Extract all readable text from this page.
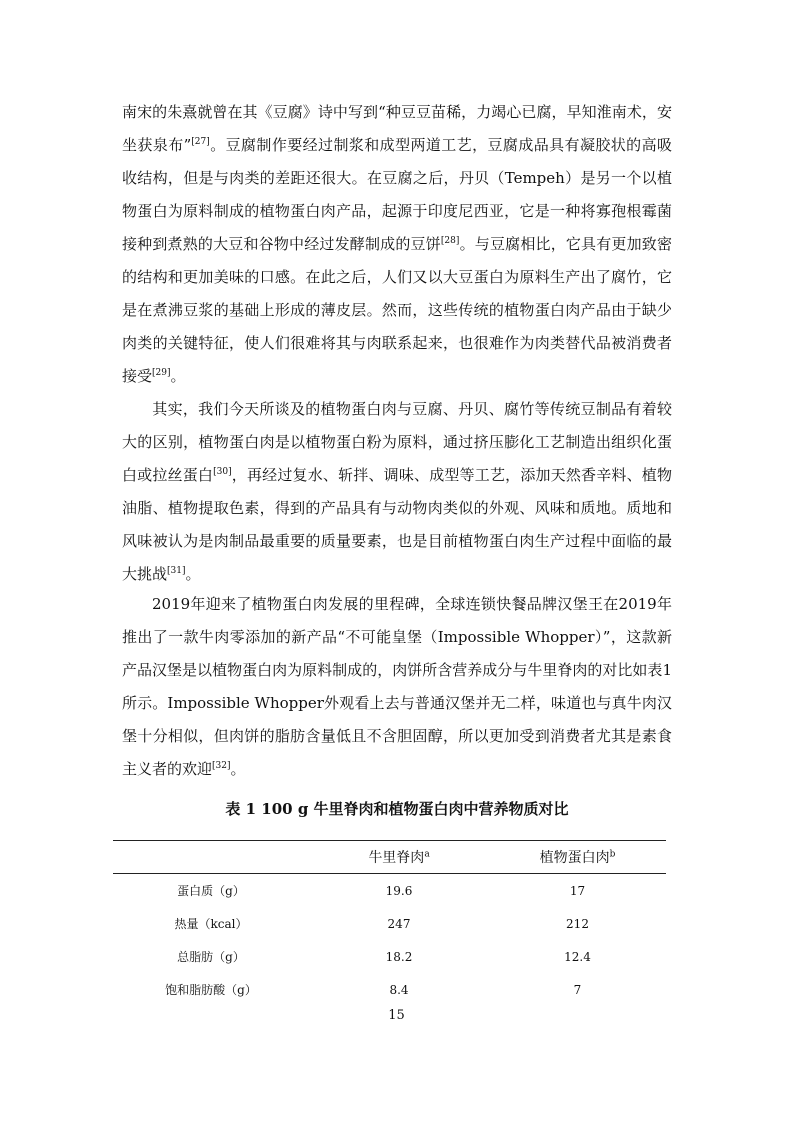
南宋的朱熹就曾在其《豆腐》诗中写到“种豆豆苗稀，力竭心已腐，早知淮南术，安坐获泉布”[27]。豆腐制作要经过制浆和成型两道工艺，豆腐成品具有凝胶状的高吸收结构，但是与肉类的差距还很大。在豆腐之后，丹贝（Tempeh）是另一个以植物蛋白为原料制成的植物蛋白肉产品，起源于印度尼西亚，它是一种将寡孢根霉菌接种到煮熟的大豆和谷物中经过发酵制成的豆饼[28]。与豆腐相比，它具有更加致密的结构和更加美味的口感。在此之后，人们又以大豆蛋白为原料生产出了腐竹，它是在煮沸豆浆的基础上形成的薄皮层。然而，这些传统的植物蛋白肉产品由于缺少肉类的关键特征，使人们很难将其与肉联系起来，也很难作为肉类替代品被消费者接受[29]。

其实，我们今天所谈及的植物蛋白肉与豆腐、丹贝、腐竹等传统豆制品有着较大的区别，植物蛋白肉是以植物蛋白粉为原料，通过挤压膨化工艺制造出组织化蛋白或拉丝蛋白[30]，再经过复水、斩拌、调味、成型等工艺，添加天然香辛料、植物油脂、植物提取色素，得到的产品具有与动物肉类似的外观、风味和质地。质地和风味被认为是肉制品最重要的质量要素，也是目前植物蛋白肉生产过程中面临的最大挑战[31]。

2019年迎来了植物蛋白肉发展的里程碑，全球连锁快餐品牌汉堡王在2019年推出了一款牛肉零添加的新产品“不可能皇堡（Impossible Whopper）”，这款新产品汉堡是以植物蛋白肉为原料制成的，肉饼所含营养成分与牛里脊肉的对比如表1所示。Impossible Whopper外观看上去与普通汉堡并无二样，味道也与真牛肉汉堡十分相似，但肉饼的脂肪含量低且不含胆固醇，所以更加受到消费者尤其是素食主义者的欢迎[32]。

表 1 100 g 牛里脊肉和植物蛋白肉中营养物质对比
	牛里脊肉$^a$	植物蛋白肉$^b$
蛋白质（g）	19.6	17
热量（kcal）	247	212
总脂肪（g）	18.2	12.4
饱和脂肪酸（g）	8.4	7
15
